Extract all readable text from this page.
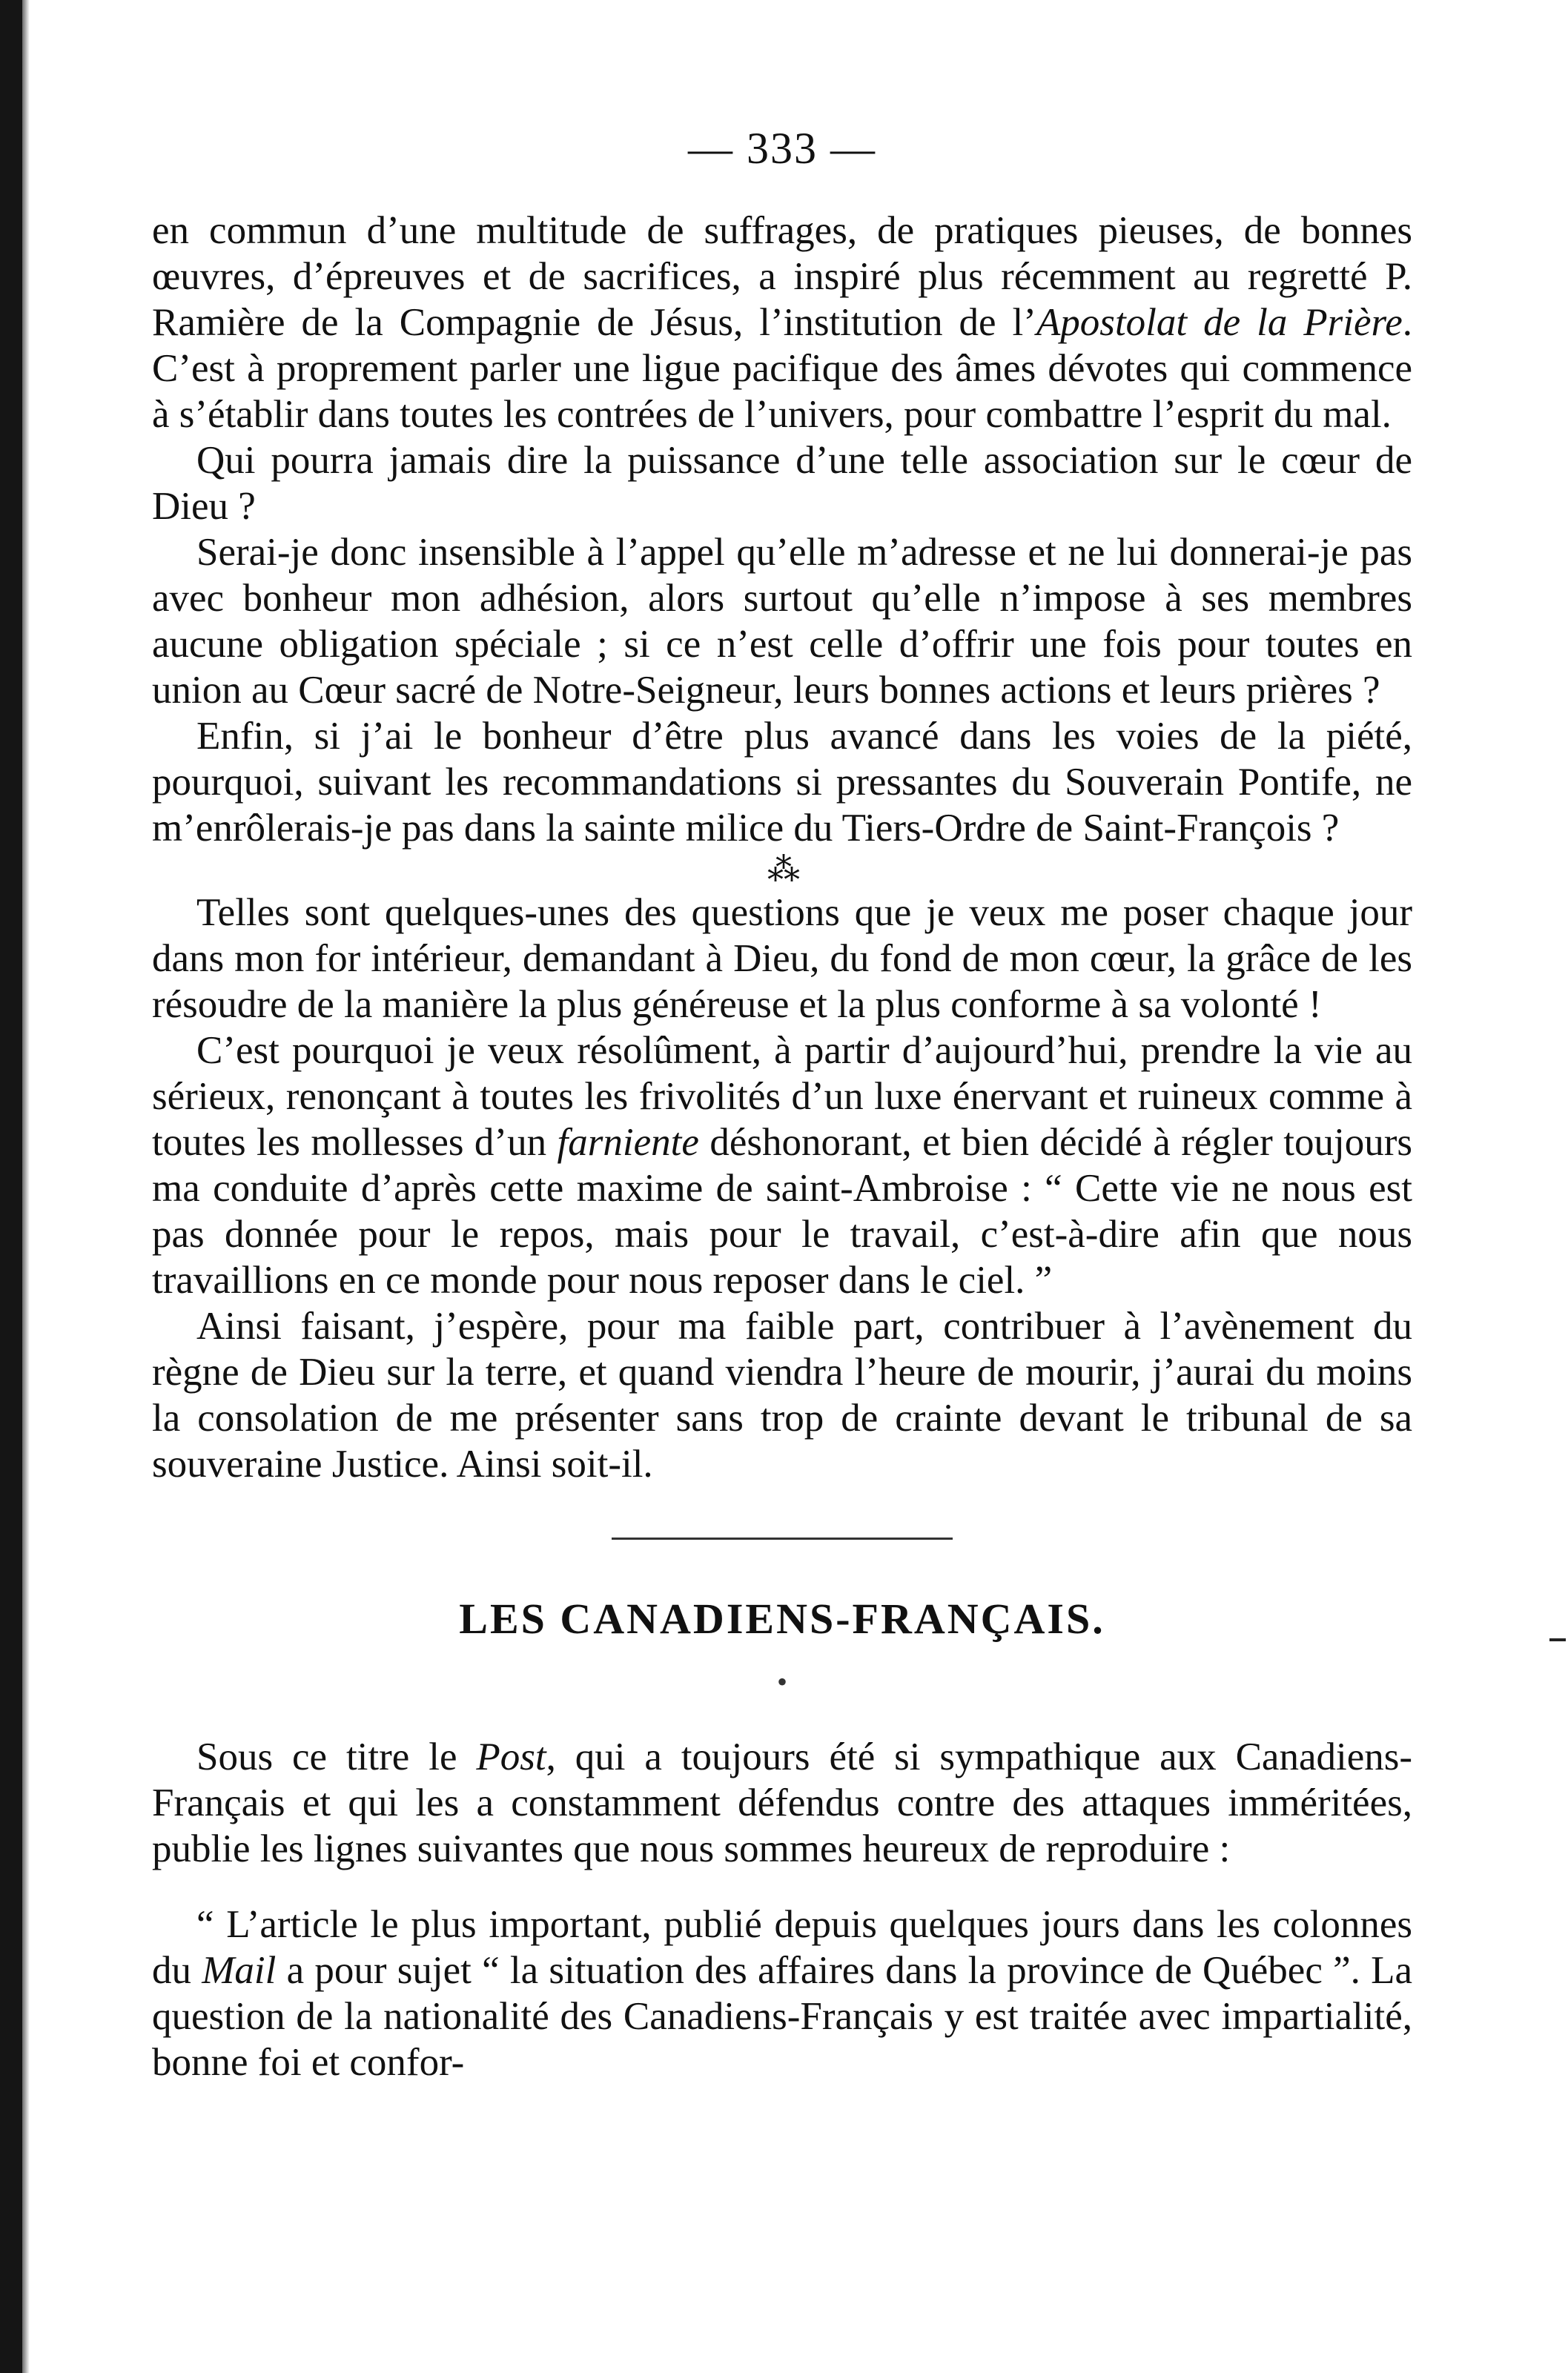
— 333 —

en commun d’une multitude de suffrages, de pratiques pieuses, de bonnes œuvres, d’épreuves et de sacrifices, a inspiré plus récemment au regretté P. Ramière de la Compagnie de Jésus, l’institution de l’Apostolat de la Prière. C’est à proprement parler une ligue pacifique des âmes dévotes qui commence à s’établir dans toutes les contrées de l’univers, pour combattre l’esprit du mal.

Qui pourra jamais dire la puissance d’une telle association sur le cœur de Dieu ?

Serai-je donc insensible à l’appel qu’elle m’adresse et ne lui donnerai-je pas avec bonheur mon adhésion, alors surtout qu’elle n’impose à ses membres aucune obligation spéciale ; si ce n’est celle d’offrir une fois pour toutes en union au Cœur sacré de Notre-Seigneur, leurs bonnes actions et leurs prières ?

Enfin, si j’ai le bonheur d’être plus avancé dans les voies de la piété, pourquoi, suivant les recommandations si pressantes du Souverain Pontife, ne m’enrôlerais-je pas dans la sainte milice du Tiers-Ordre de Saint-François ?

⁂

Telles sont quelques-unes des questions que je veux me poser chaque jour dans mon for intérieur, demandant à Dieu, du fond de mon cœur, la grâce de les résoudre de la manière la plus généreuse et la plus conforme à sa volonté !

C’est pourquoi je veux résolûment, à partir d’aujourd’hui, prendre la vie au sérieux, renonçant à toutes les frivolités d’un luxe énervant et ruineux comme à toutes les mollesses d’un farniente déshonorant, et bien décidé à régler toujours ma conduite d’après cette maxime de saint-Ambroise : “ Cette vie ne nous est pas donnée pour le repos, mais pour le travail, c’est-à-dire afin que nous travaillions en ce monde pour nous reposer dans le ciel. ”

Ainsi faisant, j’espère, pour ma faible part, contribuer à l’avènement du règne de Dieu sur la terre, et quand viendra l’heure de mourir, j’aurai du moins la consolation de me présenter sans trop de crainte devant le tribunal de sa souveraine Justice. Ainsi soit-il.

LES CANADIENS-FRANÇAIS.
•

Sous ce titre le Post, qui a toujours été si sympathique aux Canadiens-Français et qui les a constamment défendus contre des attaques imméritées, publie les lignes suivantes que nous sommes heureux de reproduire :

“ L’article le plus important, publié depuis quelques jours dans les colonnes du Mail a pour sujet “ la situation des affaires dans la province de Québec ”. La question de la nationalité des Canadiens-Français y est traitée avec impartialité, bonne foi et confor-
